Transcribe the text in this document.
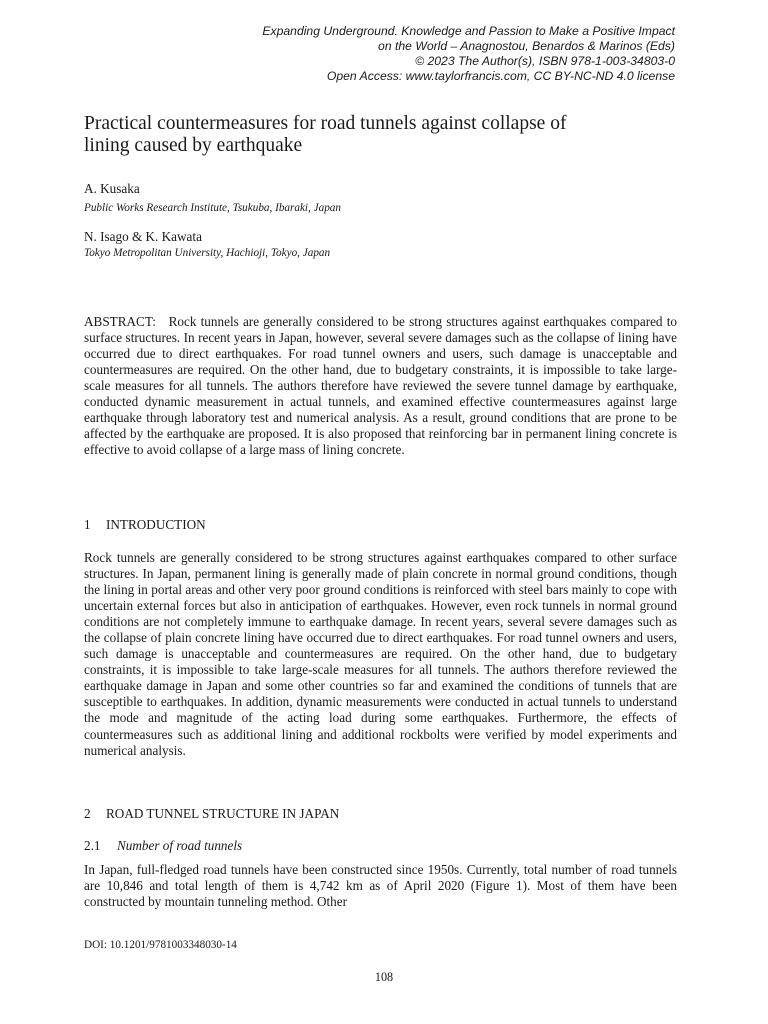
Expanding Underground. Knowledge and Passion to Make a Positive Impact
on the World – Anagnostou, Benardos & Marinos (Eds)
© 2023 The Author(s), ISBN 978-1-003-34803-0
Open Access: www.taylorfrancis.com, CC BY-NC-ND 4.0 license
Practical countermeasures for road tunnels against collapse of
lining caused by earthquake

A. Kusaka

Public Works Research Institute, Tsukuba, Ibaraki, Japan

N. Isago & K. Kawata

Tokyo Metropolitan University, Hachioji, Tokyo, Japan

ABSTRACT: Rock tunnels are generally considered to be strong structures against earthquakes compared to surface structures. In recent years in Japan, however, several severe damages such as the collapse of lining have occurred due to direct earthquakes. For road tunnel owners and users, such damage is unacceptable and countermeasures are required. On the other hand, due to budgetary constraints, it is impossible to take large-scale measures for all tunnels. The authors therefore have reviewed the severe tunnel damage by earthquake, conducted dynamic measurement in actual tunnels, and examined effective countermeasures against large earthquake through laboratory test and numerical analysis. As a result, ground conditions that are prone to be affected by the earthquake are proposed. It is also proposed that reinforcing bar in permanent lining concrete is effective to avoid collapse of a large mass of lining concrete.

1 INTRODUCTION

Rock tunnels are generally considered to be strong structures against earthquakes compared to other surface structures. In Japan, permanent lining is generally made of plain concrete in normal ground conditions, though the lining in portal areas and other very poor ground conditions is reinforced with steel bars mainly to cope with uncertain external forces but also in anticipation of earthquakes. However, even rock tunnels in normal ground conditions are not completely immune to earthquake damage. In recent years, several severe damages such as the collapse of plain concrete lining have occurred due to direct earthquakes. For road tunnel owners and users, such damage is unacceptable and countermeasures are required. On the other hand, due to budgetary constraints, it is impossible to take large-scale measures for all tunnels. The authors therefore reviewed the earthquake damage in Japan and some other countries so far and examined the conditions of tunnels that are susceptible to earthquakes. In addition, dynamic measurements were conducted in actual tunnels to understand the mode and magnitude of the acting load during some earthquakes. Furthermore, the effects of countermeasures such as additional lining and additional rockbolts were verified by model experiments and numerical analysis.

2 ROAD TUNNEL STRUCTURE IN JAPAN
2.1 Number of road tunnels

In Japan, full-fledged road tunnels have been constructed since 1950s. Currently, total number of road tunnels are 10,846 and total length of them is 4,742 km as of April 2020 (Figure 1). Most of them have been constructed by mountain tunneling method. Other

DOI: 10.1201/9781003348030-14

108
